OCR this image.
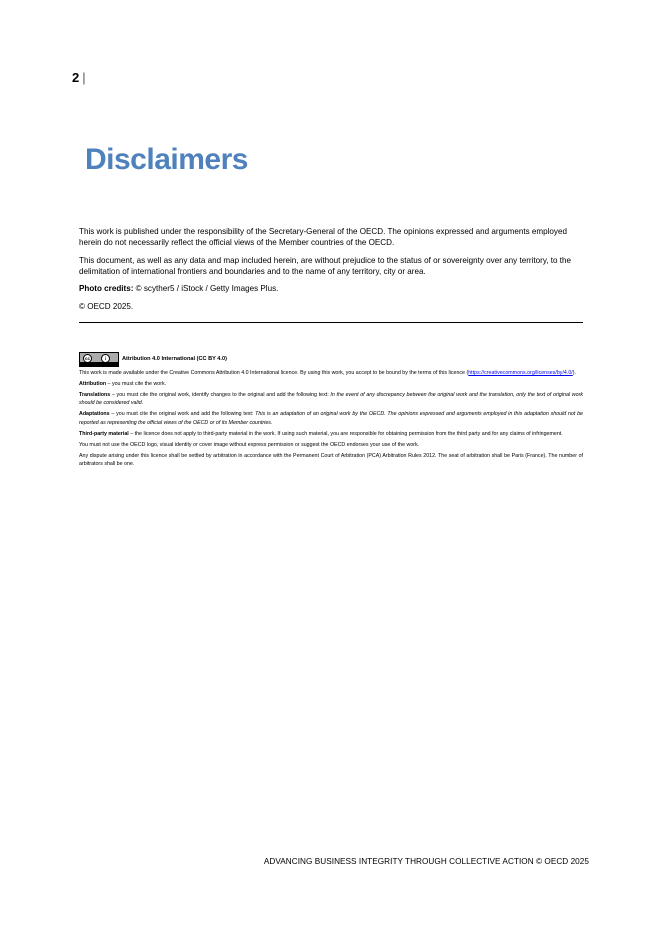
2 |
Disclaimers

This work is published under the responsibility of the Secretary-General of the OECD. The opinions expressed and arguments employed herein do not necessarily reflect the official views of the Member countries of the OECD.

This document, as well as any data and map included herein, are without prejudice to the status of or sovereignty over any territory, to the delimitation of international frontiers and boundaries and to the name of any territory, city or area.

Photo credits: © scyther5 / iStock / Getty Images Plus.

© OECD 2025.

cc	i	Attribution 4.0 International (CC BY 4.0)

This work is made available under the Creative Commons Attribution 4.0 International licence. By using this work, you accept to be bound by the terms of this licence (https://creativecommons.org/licenses/by/4.0/).

Attribution – you must cite the work.

Translations – you must cite the original work, identify changes to the original and add the following text: In the event of any discrepancy between the original work and the translation, only the text of original work should be considered valid.

Adaptations – you must cite the original work and add the following text: This is an adaptation of an original work by the OECD. The opinions expressed and arguments employed in this adaptation should not be reported as representing the official views of the OECD or of its Member countries.

Third-party material – the licence does not apply to third-party material in the work. If using such material, you are responsible for obtaining permission from the third party and for any claims of infringement.

You must not use the OECD logo, visual identity or cover image without express permission or suggest the OECD endorses your use of the work.

Any dispute arising under this licence shall be settled by arbitration in accordance with the Permanent Court of Arbitration (PCA) Arbitration Rules 2012. The seat of arbitration shall be Paris (France). The number of arbitrators shall be one.

ADVANCING BUSINESS INTEGRITY THROUGH COLLECTIVE ACTION © OECD 2025
